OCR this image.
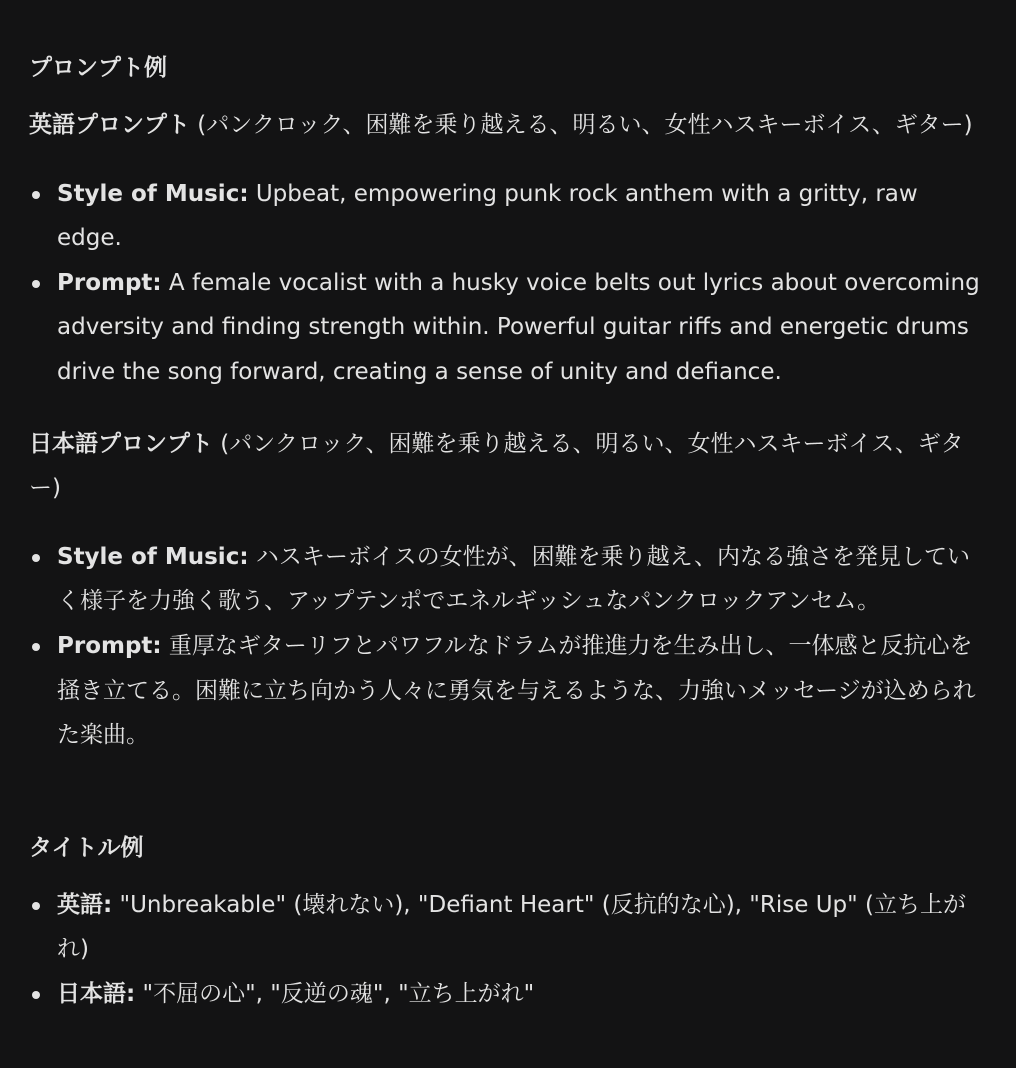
プロンプト例

英語プロンプト (パンクロック、困難を乗り越える、明るい、女性ハスキーボイス、ギター)

Style of Music: Upbeat, empowering punk rock anthem with a gritty, raw edge.
Prompt: A female vocalist with a husky voice belts out lyrics about overcoming adversity and finding strength within. Powerful guitar riffs and energetic drums drive the song forward, creating a sense of unity and defiance.

日本語プロンプト (パンクロック、困難を乗り越える、明るい、女性ハスキーボイス、ギター)

Style of Music: ハスキーボイスの女性が、困難を乗り越え、内なる強さを発見していく様子を力強く歌う、アップテンポでエネルギッシュなパンクロックアンセム。
Prompt: 重厚なギターリフとパワフルなドラムが推進力を生み出し、一体感と反抗心を掻き立てる。困難に立ち向かう人々に勇気を与えるような、力強いメッセージが込められた楽曲。
タイトル例
英語: "Unbreakable" (壊れない), "Defiant Heart" (反抗的な心), "Rise Up" (立ち上がれ)
日本語: "不屈の心", "反逆の魂", "立ち上がれ"
